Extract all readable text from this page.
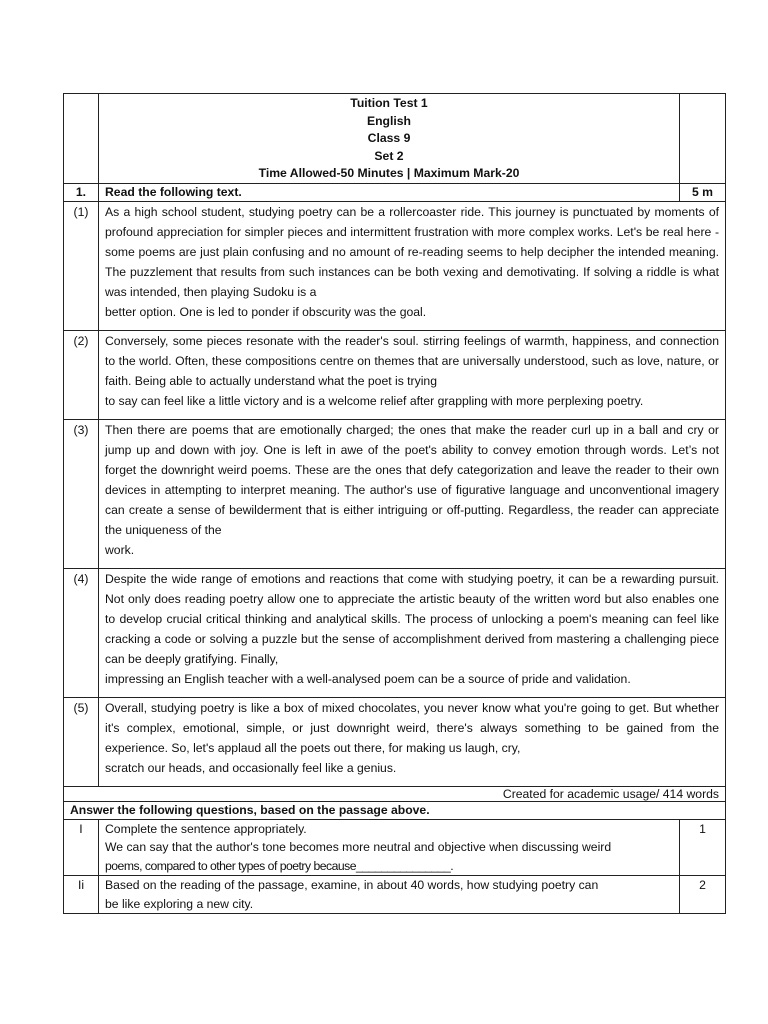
	Tuition Test 1
English
Class 9
Set 2
Time Allowed-50 Minutes | Maximum Mark-20	

1.	Read the following text.	5 m
(1)	As a high school student, studying poetry can be a rollercoaster ride. This journey is punctuated by moments of profound appreciation for simpler pieces and intermittent frustration with more complex works. Let's be real here - some poems are just plain confusing and no amount of re-reading seems to help decipher the intended meaning. The puzzlement that results from such instances can be both vexing and demotivating. If solving a riddle is what was intended, then playing Sudoku is a
better option. One is led to ponder if obscurity was the goal.	

(2)	Conversely, some pieces resonate with the reader's soul. stirring feelings of warmth, happiness, and connection to the world. Often, these compositions centre on themes that are universally understood, such as love, nature, or faith. Being able to actually understand what the poet is trying
to say can feel like a little victory and is a welcome relief after grappling with more perplexing poetry.	

(3)	Then there are poems that are emotionally charged; the ones that make the reader curl up in a ball and cry or jump up and down with joy. One is left in awe of the poet's ability to convey emotion through words. Let’s not forget the downright weird poems. These are the ones that defy categorization and leave the reader to their own devices in attempting to interpret meaning. The author's use of figurative language and unconventional imagery can create a sense of bewilderment that is either intriguing or off-putting. Regardless, the reader can appreciate the uniqueness of the
work.	

(4)	Despite the wide range of emotions and reactions that come with studying poetry, it can be a rewarding pursuit. Not only does reading poetry allow one to appreciate the artistic beauty of the written word but also enables one to develop crucial critical thinking and analytical skills. The process of unlocking a poem's meaning can feel like cracking a code or solving a puzzle but the sense of accomplishment derived from mastering a challenging piece can be deeply gratifying. Finally,
impressing an English teacher with a well-analysed poem can be a source of pride and validation.	

(5)	Overall, studying poetry is like a box of mixed chocolates, you never know what you're going to get. But whether it's complex, emotional, simple, or just downright weird, there's always something to be gained from the experience. So, let's applaud all the poets out there, for making us laugh, cry,
scratch our heads, and occasionally feel like a genius.	

Created for academic usage/ 414 words		
Answer the following questions, based on the passage above.		
I	Complete the sentence appropriately.
We can say that the author's tone becomes more neutral and objective when discussing weird
poems, compared to other types of poetry because_______________.	1
Ii	Based on the reading of the passage, examine, in about 40 words, how studying poetry can
be like exploring a new city.	2
